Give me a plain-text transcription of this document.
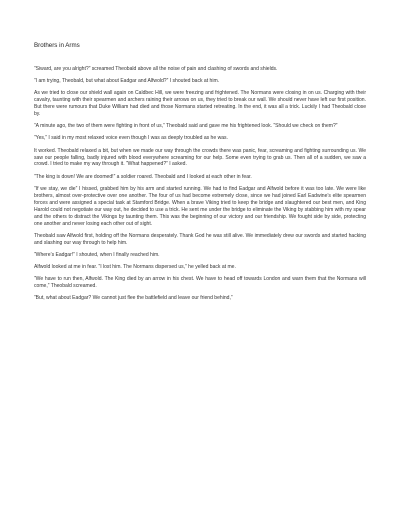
Brothers in Arms

“Siward, are you alright?” screamed Theobald above all the noise of pain and clashing of swords and shields.

“I am trying, Theobald, but what about Eadgar and Alfwold?” I shouted back at him.

As we tried to close our shield wall again on Caldbec Hill, we were freezing and frightened. The Normans were closing in on us. Charging with their cavalry, taunting with their spearmen and archers raining their arrows on us, they tried to break our wall. We should never have left our first position. But there were rumours that Duke William had died and those Normans started retreating. In the end, it was all a trick. Luckily I had Theobald close by.

“A minute ago, the two of them were fighting in front of us,” Theobald said and gave me his frightened look. “Should we check on them?”

“Yes,” I said in my most relaxed voice even though I was as deeply troubled as he was.

It worked. Theobald relaxed a bit, but when we made our way through the crowds there was panic, fear, screaming and fighting surrounding us. We saw our people falling, badly injured with blood everywhere screaming for our help. Some even trying to grab us. Then all of a sudden, we saw a crowd. I tried to make my way through it. “What happened?” I asked.

“The king is down! We are doomed!” a soldier roared. Theobald and I looked at each other in fear.

“If we stay, we die” I hissed, grabbed him by his arm and started running. We had to find Eadgar and Alfwold before it was too late. We were like brothers, almost over-protective over one another. The four of us had become extremely close, since we had joined Earl Eadwine’s elite spearmen forces and were assigned a special task at Stamford Bridge. When a brave Viking tried to keep the bridge and slaughtered our best men, and King Harold could not negotiate our way out, he decided to use a trick. He sent me under the bridge to eliminate the Viking by stabbing him with my spear and the others to distract the Vikings by taunting them. This was the beginning of our victory and our friendship. We fought side by side, protecting one another and never losing each other out of sight.

Theobald saw Alfwold first, holding off the Normans desperately. Thank God he was still alive. We immediately drew our swords and started hacking and slashing our way through to help him.

“Where’s Eadgar!” I shouted, when I finally reached him.

Alfwold looked at me in fear. “I lost him. The Normans dispersed us,” he yelled back at me.

“We have to run then, Alfwold. The King died by an arrow in his chest. We have to head off towards London and warn them that the Normans will come,” Theobald screamed.

“But, what about Eadgar? We cannot just flee the battlefield and leave our friend behind,”
